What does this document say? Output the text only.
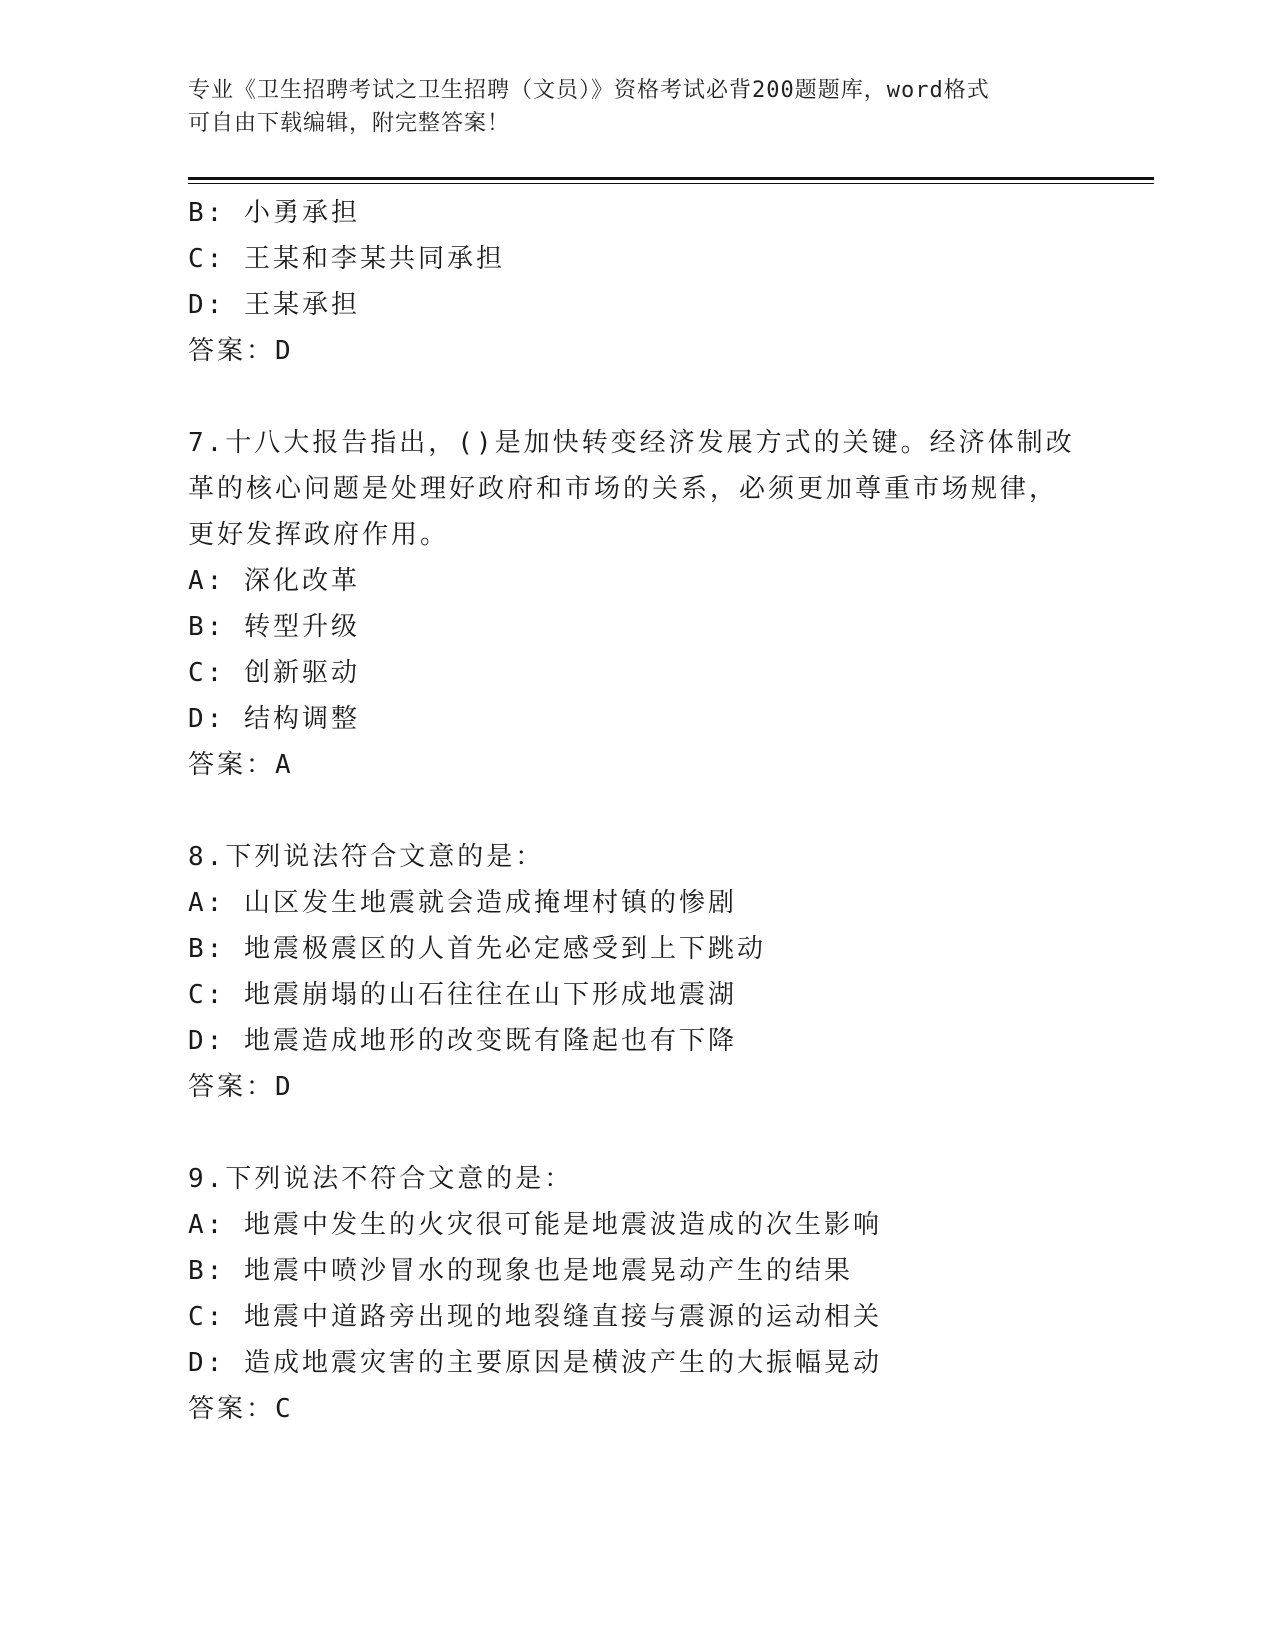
专业《卫生招聘考试之卫生招聘（文员）》资格考试必背200题题库，word格式
可自由下载编辑，附完整答案！
B: 小勇承担
C: 王某和李某共同承担
D: 王某承担
答案：D
7.十八大报告指出，()是加快转变经济发展方式的关键。经济体制改
革的核心问题是处理好政府和市场的关系，必须更加尊重市场规律，
更好发挥政府作用。
A: 深化改革
B: 转型升级
C: 创新驱动
D: 结构调整
答案：A
8.下列说法符合文意的是：
A: 山区发生地震就会造成掩埋村镇的惨剧
B: 地震极震区的人首先必定感受到上下跳动
C: 地震崩塌的山石往往在山下形成地震湖
D: 地震造成地形的改变既有隆起也有下降
答案：D
9.下列说法不符合文意的是：
A: 地震中发生的火灾很可能是地震波造成的次生影响
B: 地震中喷沙冒水的现象也是地震晃动产生的结果
C: 地震中道路旁出现的地裂缝直接与震源的运动相关
D: 造成地震灾害的主要原因是横波产生的大振幅晃动
答案：C
